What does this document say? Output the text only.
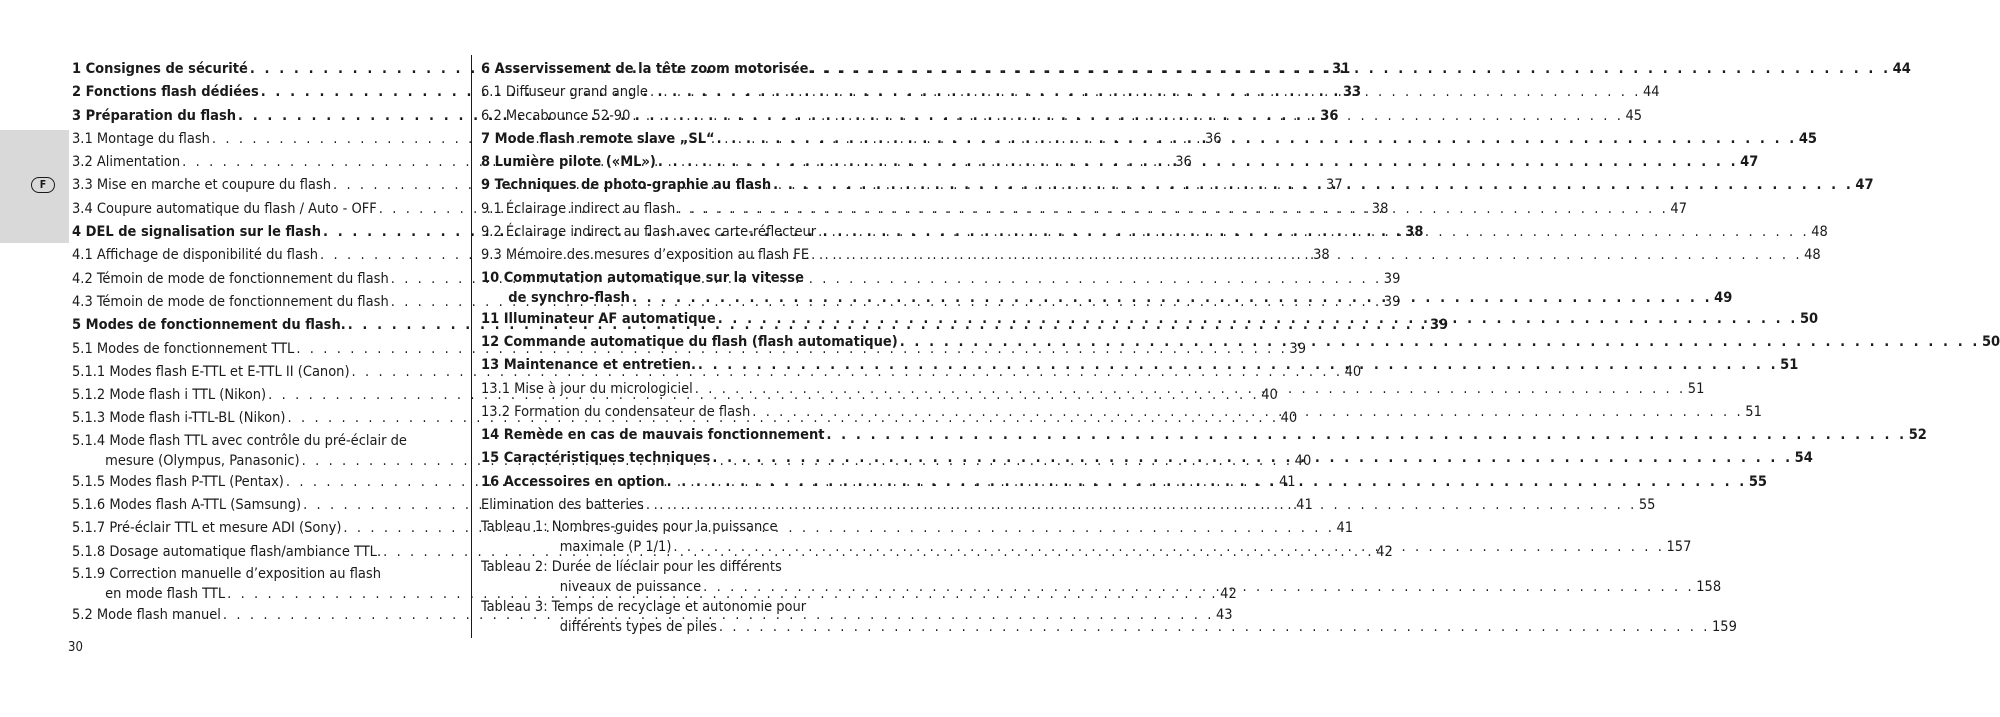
F
1 Consignes de sécurité . . .	31
2 Fonctions flash dédiées . . .	33
3 Préparation du flash . . .	36
3.1 Montage du flash . . .	36
3.2 Alimentation . . .	36
3.3 Mise en marche et coupure du flash . . .	37
3.4 Coupure automatique du flash / Auto - OFF . . .	38
4 DEL de signalisation sur le flash . . .	38
4.1 Affichage de disponibilité du flash . . .	38
4.2 Témoin de mode de fonctionnement du flash . . .	39
4.3 Témoin de mode de fonctionnement du flash . . .	39
5 Modes de fonctionnement du flash. . . .	39
5.1 Modes de fonctionnement TTL . . .	39
5.1.1 Modes flash E-TTL et E-TTL II (Canon) . . .	40
5.1.2 Mode flash i TTL (Nikon) . . .	40
5.1.3 Mode flash i-TTL-BL (Nikon) . . .	40
5.1.4 Mode flash TTL avec contrôle du pré-éclair de
mesure (Olympus, Panasonic) . . .	40
5.1.5 Modes flash P-TTL (Pentax) . . .	41
5.1.6 Modes flash A-TTL (Samsung) . . .	41
5.1.7 Pré-éclair TTL et mesure ADI (Sony) . . .	41
5.1.8 Dosage automatique flash/ambiance TTL. . . .	42
5.1.9 Correction manuelle d’exposition au flash
en mode flash TTL . . .	42
5.2 Mode flash manuel . . .	43
6 Asservissement de la tête zoom motorisée . . .	44
6.1 Diffuseur grand angle . . .	44
6.2 Mecabounce 52-90 . . .	45
7 Mode flash remote slave „SL“ . . .	45
8 Lumière pilote («ML») . . .	47
9 Techniques de photo-graphie au flash . . .	47
9.1 Éclairage indirect au flash . . .	47
9.2 Éclairage indirect au flash avec carte-réflecteur . . .	48
9.3 Mémoire des mesures d’exposition au flash FE . . .	48
10 Commutation automatique sur la vitesse
de synchro-flash . . .	49
11 Illuminateur AF automatique . . .	50
12 Commande automatique du flash (flash automatique) . . .	50
13 Maintenance et entretien. . . .	51
13.1 Mise à jour du micrologiciel . . .	51
13.2 Formation du condensateur de flash . . .	51
14 Remède en cas de mauvais fonctionnement . . .	52
15 Caractéristiques techniques . . .	54
16 Accessoires en option . . .	55
Elimination des batteries . . .	55
Tableau 1: Nombres-guides pour la puissance
maximale (P 1/1) . . .	157
Tableau 2: Durée de líéclair pour les différents
niveaux de puissance . . .	158
Tableau 3: Temps de recyclage et autonomie pour
différents types de piles . . .	159
30
